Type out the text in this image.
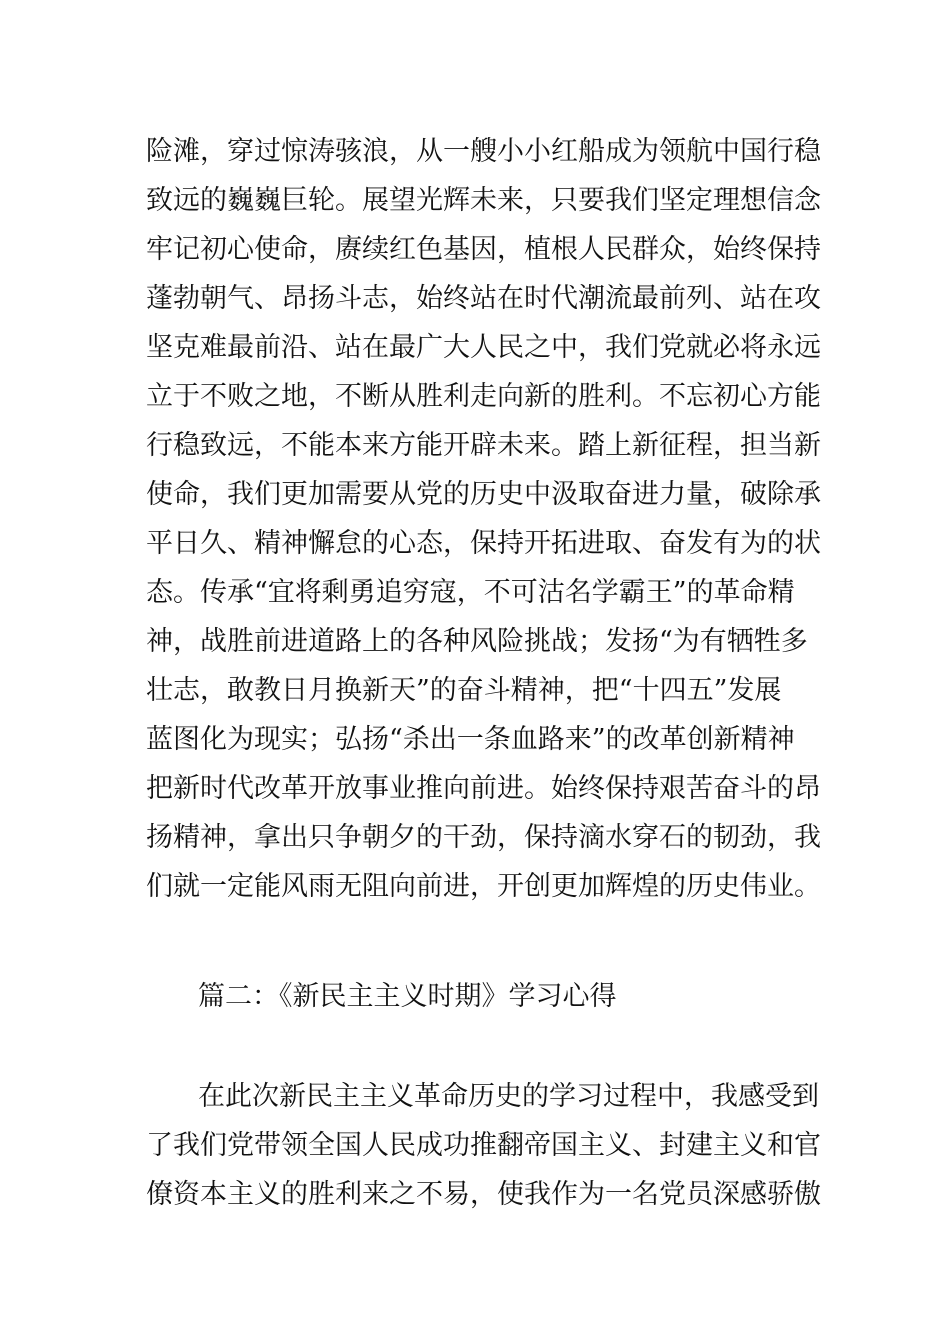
险滩，穿过惊涛骇浪，从一艘小小红船成为领航中国行稳
致远的巍巍巨轮。展望光辉未来，只要我们坚定理想信念
牢记初心使命，赓续红色基因，植根人民群众，始终保持
蓬勃朝气、昂扬斗志，始终站在时代潮流最前列、站在攻
坚克难最前沿、站在最广大人民之中，我们党就必将永远
立于不败之地，不断从胜利走向新的胜利。不忘初心方能
行稳致远，不能本来方能开辟未来。踏上新征程，担当新
使命，我们更加需要从党的历史中汲取奋进力量，破除承
平日久、精神懈怠的心态，保持开拓进取、奋发有为的状
态。传承“宜将剩勇追穷寇，不可沽名学霸王”的革命精
神，战胜前进道路上的各种风险挑战；发扬“为有牺牲多
壮志，敢教日月换新天”的奋斗精神，把“十四五”发展
蓝图化为现实；弘扬“杀出一条血路来”的改革创新精神
把新时代改革开放事业推向前进。始终保持艰苦奋斗的昂
扬精神，拿出只争朝夕的干劲，保持滴水穿石的韧劲，我
们就一定能风雨无阻向前进，开创更加辉煌的历史伟业。
篇二：《新民主主义时期》学习心得
在此次新民主主义革命历史的学习过程中，我感受到
了我们党带领全国人民成功推翻帝国主义、封建主义和官
僚资本主义的胜利来之不易，使我作为一名党员深感骄傲
